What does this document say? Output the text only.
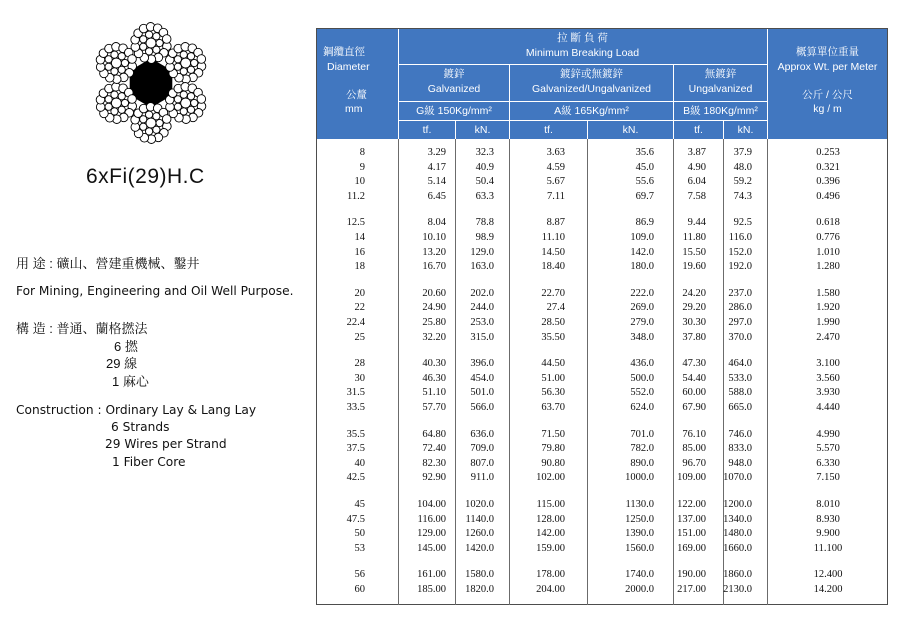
6xFi(29)H.C
用 途 : 礦山、營建重機械、鑿井
For Mining, Engineering and Oil Well Purpose.
構 造 : 普通、蘭格撚法
6 撚
29 線
1 麻心
Construction : Ordinary Lay & Lang Lay
6 Strands
29 Wires per Strand
1 Fiber Core
鋼纜直徑
Diameter
公釐
mm
拉 斷 負 荷
Minimum Breaking Load
鍍鋅
Galvanized
鍍鋅或無鍍鋅
Galvanized/Ungalvanized
無鍍鋅
Ungalvanized
G級 150Kg/mm²	A級 165Kg/mm²	B級 180Kg/mm²
tf.	kN.	tf.	kN.	tf.	kN.
概算單位重量
Approx Wt. per Meter
公斤 / 公尺
kg / m
8	3.29	32.3	3.63	35.6	3.87	37.9	0.253
9	4.17	40.9	4.59	45.0	4.90	48.0	0.321
10	5.14	50.4	5.67	55.6	6.04	59.2	0.396
11.2	6.45	63.3	7.11	69.7	7.58	74.3	0.496
12.5	8.04	78.8	8.87	86.9	9.44	92.5	0.618
14	10.10	98.9	11.10	109.0	11.80 116.0	0.776
16	13.20 129.0	14.50	142.0	15.50 152.0	1.010
18	16.70 163.0	18.40	180.0	19.60 192.0	1.280
20	20.60 202.0	22.70	222.0	24.20 237.0	1.580
22	24.90 244.0	27.4	269.0	29.20 286.0	1.920
22.4	25.80 253.0	28.50	279.0	30.30 297.0	1.990
25	32.20 315.0	35.50	348.0	37.80 370.0	2.470
28	40.30 396.0	44.50	436.0	47.30 464.0	3.100
30	46.30 454.0	51.00	500.0	54.40 533.0	3.560
31.5	51.10 501.0	56.30	552.0	60.00 588.0	3.930
33.5	57.70 566.0	63.70	624.0	67.90 665.0	4.440
35.5	64.80 636.0	71.50	701.0	76.10 746.0	4.990
37.5	72.40 709.0	79.80	782.0	85.00 833.0	5.570
40	82.30 807.0	90.80	890.0	96.70 948.0	6.330
42.5	92.90 911.0	102.00	1000.0 109.00 1070.0	7.150
45	104.00 1020.0	115.00	1130.0 122.00 1200.0	8.010
47.5	116.00 1140.0	128.00	1250.0 137.00 1340.0	8.930
50	129.00 1260.0	142.00	1390.0 151.00 1480.0	9.900
53	145.00 1420.0	159.00	1560.0 169.00 1660.0	11.100
56	161.00 1580.0	178.00	1740.0 190.00 1860.0	12.400
60	185.00 1820.0	204.00	2000.0 217.00 2130.0	14.200
